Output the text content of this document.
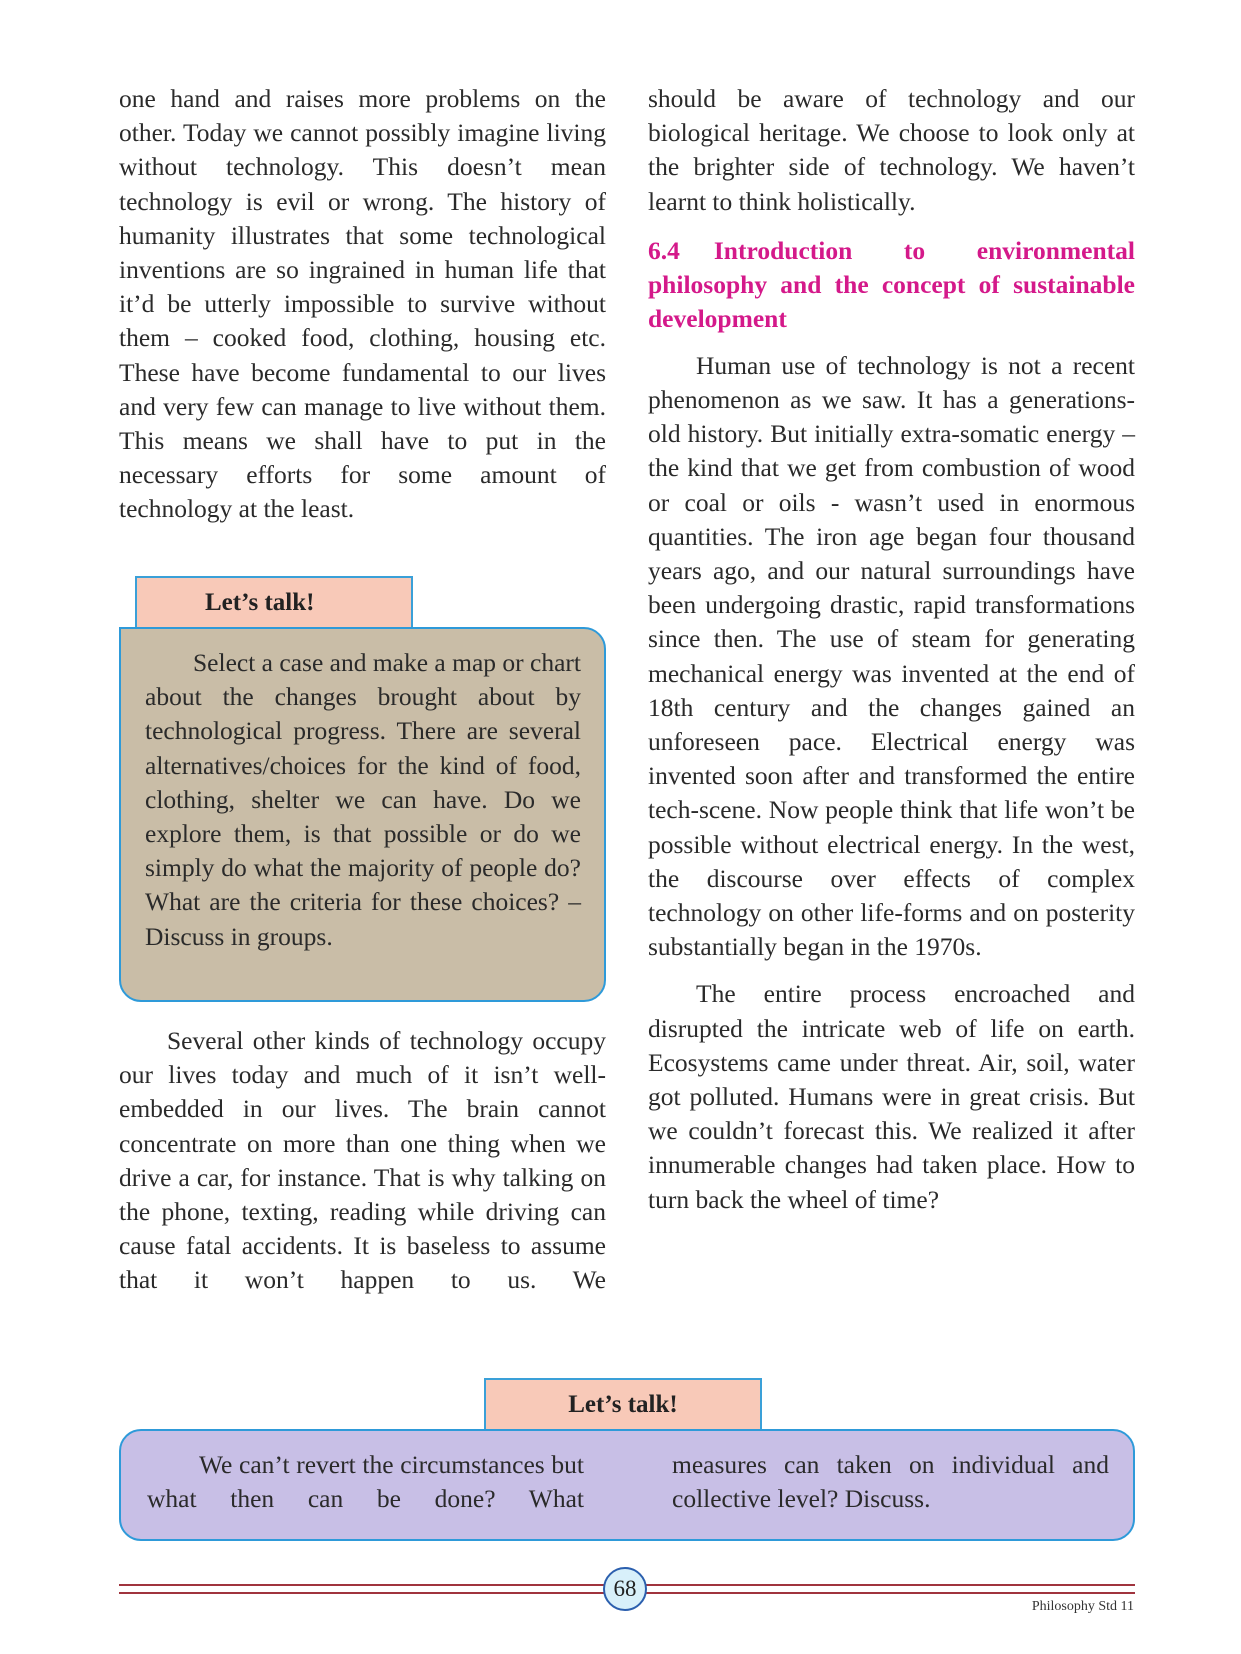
one hand and raises more problems on the other. Today we cannot possibly imagine living without technology. This doesn’t mean technology is evil or wrong. The history of humanity illustrates that some technological inventions are so ingrained in human life that it’d be utterly impossible to survive without them – cooked food, clothing, housing etc. These have become fundamental to our lives and very few can manage to live without them. This means we shall have to put in the necessary efforts for some amount of technology at the least.

Let’s talk!

Select a case and make a map or chart about the changes brought about by technological progress. There are several alternatives/choices for the kind of food, clothing, shelter we can have. Do we explore them, is that possible or do we simply do what the majority of people do? What are the criteria for these choices? – Discuss in groups.

Several other kinds of technology occupy our lives today and much of it isn’t well-embedded in our lives. The brain cannot concentrate on more than one thing when we drive a car, for instance. That is why talking on the phone, texting, reading while driving can cause fatal accidents. It is baseless to assume that it won’t happen to us. We

should be aware of technology and our biological heritage. We choose to look only at the brighter side of technology. We haven’t learnt to think holistically.

6.4 Introduction to environmental philosophy and the concept of sustainable development

Human use of technology is not a recent phenomenon as we saw. It has a generations-old history. But initially extra-somatic energy – the kind that we get from combustion of wood or coal or oils - wasn’t used in enormous quantities. The iron age began four thousand years ago, and our natural surroundings have been undergoing drastic, rapid transformations since then. The use of steam for generating mechanical energy was invented at the end of 18th century and the changes gained an unforeseen pace. Electrical energy was invented soon after and transformed the entire tech-scene. Now people think that life won’t be possible without electrical energy. In the west, the discourse over effects of complex technology on other life-forms and on posterity substantially began in the 1970s.

The entire process encroached and disrupted the intricate web of life on earth. Ecosystems came under threat. Air, soil, water got polluted. Humans were in great crisis. But we couldn’t forecast this. We realized it after innumerable changes had taken place. How to turn back the wheel of time?

Let’s talk!

We can’t revert the circumstances but what then can be done? What

measures can taken on individual and collective level? Discuss.

68
Philosophy Std 11
